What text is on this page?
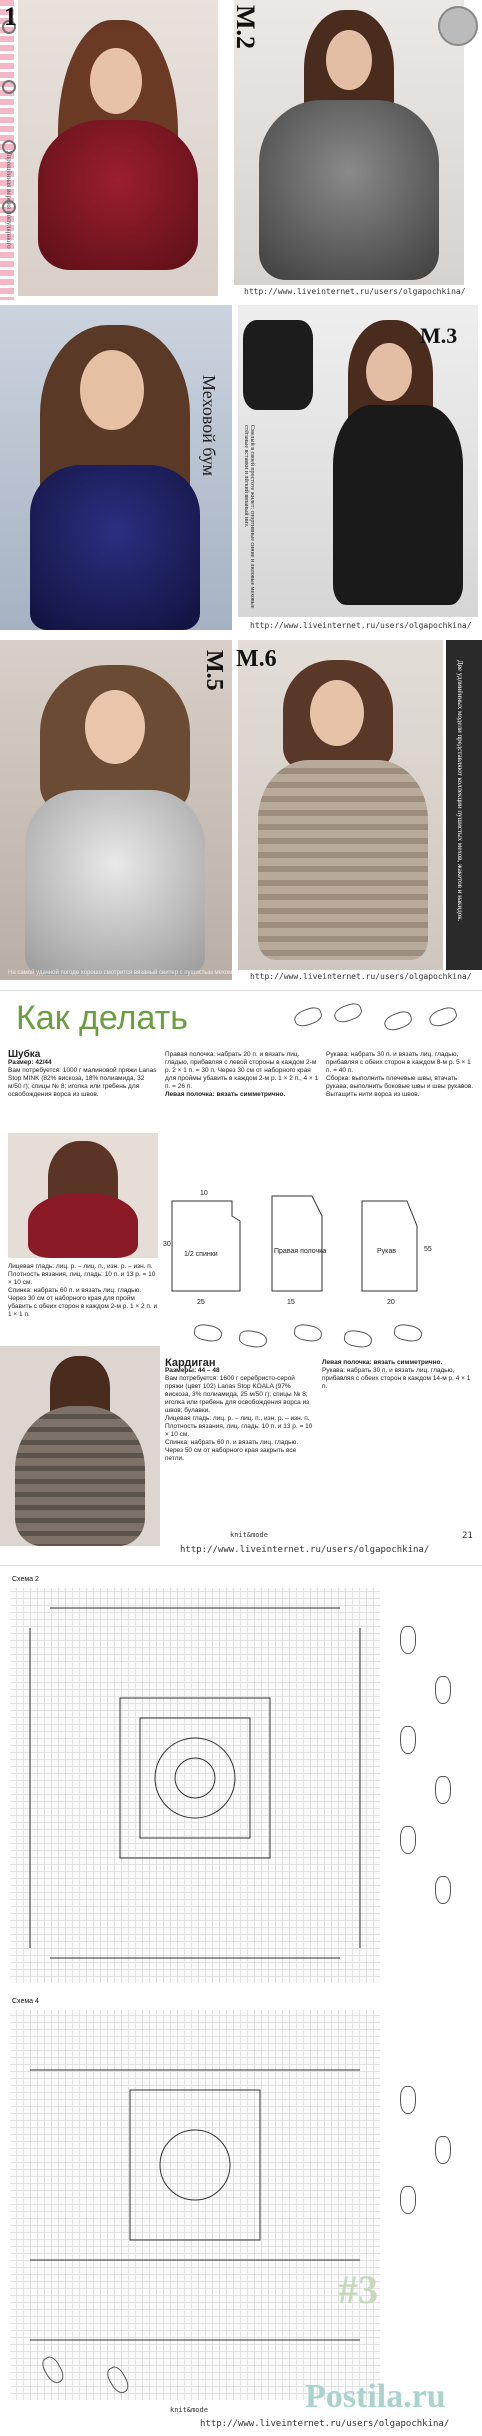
1
Упрощённая версия популярного
М.2
http://www.liveinternet.ru/users/olgapochkina/
Меховой бум
М.3
Смелый в своей простоте жилет: спортивные синие и лиловые меховые стёганые вставки и лёгкий вязаный низ.
http://www.liveinternet.ru/users/olgapochkina/
М.5
На самой удачной погоде хорошо смотрится вязаный свитер с пушистым мехом
М.6
Две удлинённых модели представляют коллекции пушистых мехов, жакетов и накидок.
http://www.liveinternet.ru/users/olgapochkina/
Как делать
Шубка
Размер: 42/44
Вам потребуется: 1000 г малиновой пряжи Lanas Stop MINK (82% вискоза, 18% полиамида, 32 м/50 г); спицы № 8; иголка или гребень для освобождения ворса из швов.
Лицевая гладь: лиц. р. – лиц. п., изн. р. – изн. п.
Плотность вязания, лиц. гладь: 10 п. и 13 р. = 10 × 10 см.
Спинка: набрать 60 п. и вязать лиц. гладью. Через 30 см от наборного края для пройм убавить с обеих сторон в каждом 2-м р. 1 × 2 п. и 1 × 1 п.
Правая полочка: набрать 20 п. и вязать лиц. гладью, прибавляя с левой стороны в каждом 2-м р. 2 × 1 п. = 30 п. Через 30 см от наборного края для проймы убавить в каждом 2-м р. 1 × 2 п., 4 × 1 п. = 26 п.
Левая полочка: вязать симметрично.
Рукава: набрать 30 п. и вязать лиц. гладью, прибавляя с обеих сторон в каждом 8-м р. 5 × 1 п. = 40 п.
Сборка: выполнить плечевые швы, втачать рукава, выполнить боковые швы и швы рукавов. Вытащить нити ворса из швов.
1/2 спинки	Правая полочка	Рукав
25
30
10
15	20
55
Кардиган
Размеры: 44 – 48
Вам потребуется: 1600 г серебристо-серой пряжи (цвет 102) Lanas Stop KOALA (97% вискоза, 3% полиамида, 25 м/50 г); спицы № 8; иголка или гребень для освобождения ворса из швов; булавки.
Лицевая гладь: лиц. р. – лиц. п., изн. р. – изн. п.
Плотность вязания, лиц. гладь: 10 п. и 13 р. = 10 × 10 см.
Спинка: набрать 60 п. и вязать лиц. гладью. Через 50 см от наборного края закрыть все петли.
Левая полочка: вязать симметрично.
Рукава: набрать 30 п. и вязать лиц. гладью, прибавляя с обеих сторон в каждом 14-м р. 4 × 1 п.
21
knit&mode
http://www.liveinternet.ru/users/olgapochkina/
Схема 2
Схема 4
#3
Postila.ru
knit&mode
http://www.liveinternet.ru/users/olgapochkina/
